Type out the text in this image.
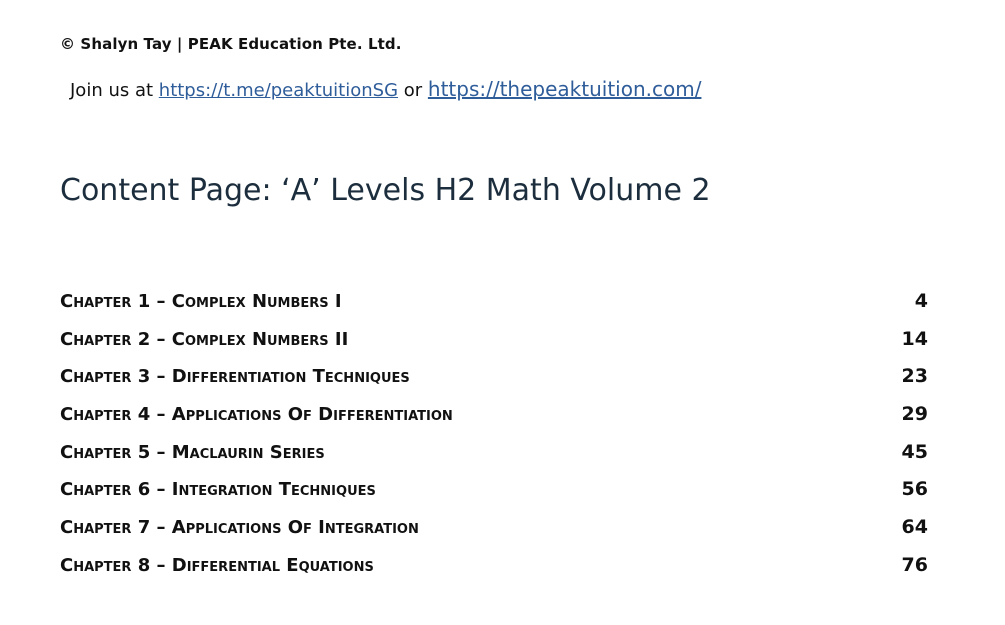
© Shalyn Tay | PEAK Education Pte. Ltd.
Join us at https://t.me/peaktuitionSG or https://thepeaktuition.com/
Content Page: ‘A’ Levels H2 Math Volume 2
Chapter 1 – Complex Numbers I	4
Chapter 2 – Complex Numbers II	14
Chapter 3 – Differentiation Techniques	23
Chapter 4 – Applications Of Differentiation	29
Chapter 5 – Maclaurin Series	45
Chapter 6 – Integration Techniques	56
Chapter 7 – Applications Of Integration	64
Chapter 8 – Differential Equations	76
